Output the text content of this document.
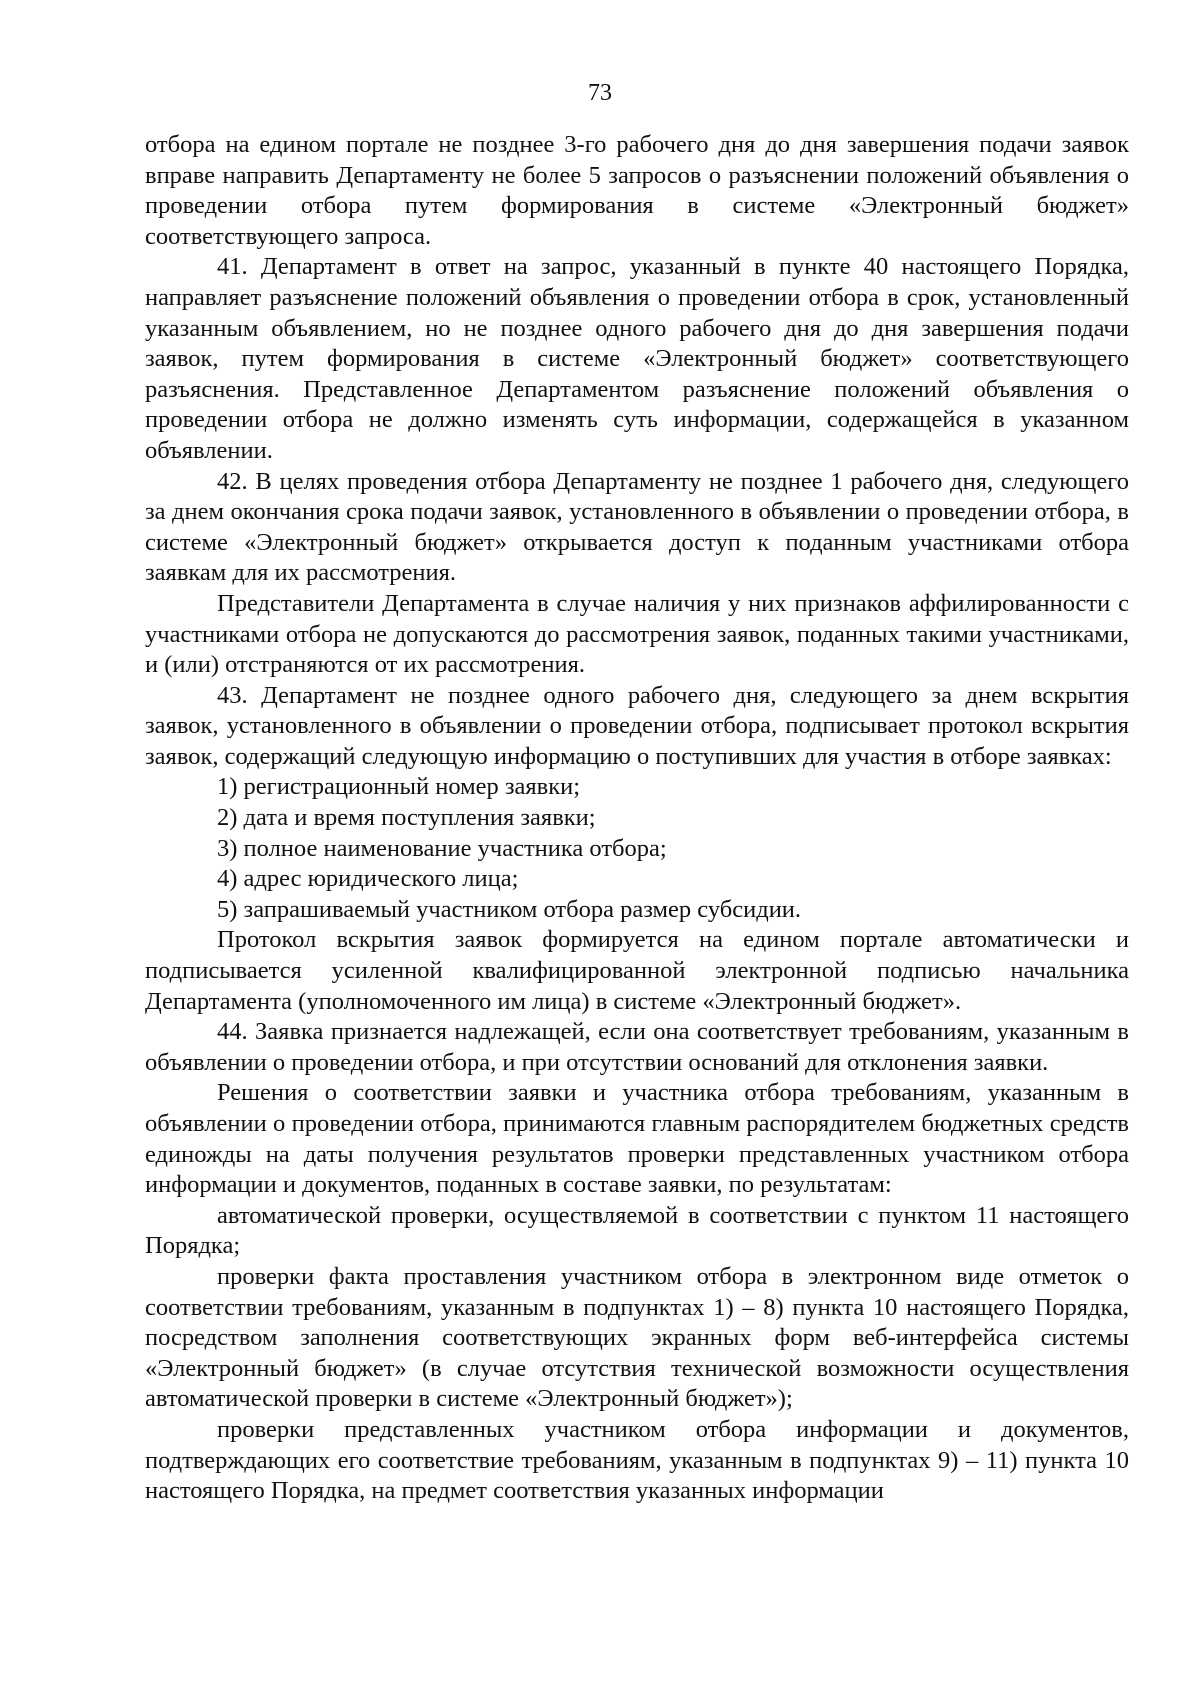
73

отбора на едином портале не позднее 3-го рабочего дня до дня завершения подачи заявок вправе направить Департаменту не более 5 запросов о разъяснении положений объявления о проведении отбора путем формирования в системе «Электронный бюджет» соответствующего запроса.

41. Департамент в ответ на запрос, указанный в пункте 40 настоящего Порядка, направляет разъяснение положений объявления о проведении отбора в срок, установленный указанным объявлением, но не позднее одного рабочего дня до дня завершения подачи заявок, путем формирования в системе «Электронный бюджет» соответствующего разъяснения. Представленное Департаментом разъяснение положений объявления о проведении отбора не должно изменять суть информации, содержащейся в указанном объявлении.

42. В целях проведения отбора Департаменту не позднее 1 рабочего дня, следующего за днем окончания срока подачи заявок, установленного в объявлении о проведении отбора, в системе «Электронный бюджет» открывается доступ к поданным участниками отбора заявкам для их рассмотрения.

Представители Департамента в случае наличия у них признаков аффилированности с участниками отбора не допускаются до рассмотрения заявок, поданных такими участниками, и (или) отстраняются от их рассмотрения.

43. Департамент не позднее одного рабочего дня, следующего за днем вскрытия заявок, установленного в объявлении о проведении отбора, подписывает протокол вскрытия заявок, содержащий следующую информацию о поступивших для участия в отборе заявках:

1) регистрационный номер заявки;

2) дата и время поступления заявки;

3) полное наименование участника отбора;

4) адрес юридического лица;

5) запрашиваемый участником отбора размер субсидии.

Протокол вскрытия заявок формируется на едином портале автоматически и подписывается усиленной квалифицированной электронной подписью начальника Департамента (уполномоченного им лица) в системе «Электронный бюджет».

44. Заявка признается надлежащей, если она соответствует требованиям, указанным в объявлении о проведении отбора, и при отсутствии оснований для отклонения заявки.

Решения о соответствии заявки и участника отбора требованиям, указанным в объявлении о проведении отбора, принимаются главным распорядителем бюджетных средств единожды на даты получения результатов проверки представленных участником отбора информации и документов, поданных в составе заявки, по результатам:

автоматической проверки, осуществляемой в соответствии с пунктом 11 настоящего Порядка;

проверки факта проставления участником отбора в электронном виде отметок о соответствии требованиям, указанным в подпунктах 1) – 8) пункта 10 настоящего Порядка, посредством заполнения соответствующих экранных форм веб-интерфейса системы «Электронный бюджет» (в случае отсутствия технической возможности осуществления автоматической проверки в системе «Электронный бюджет»);

проверки представленных участником отбора информации и документов, подтверждающих его соответствие требованиям, указанным в подпунктах 9) – 11) пункта 10 настоящего Порядка, на предмет соответствия указанных информации
